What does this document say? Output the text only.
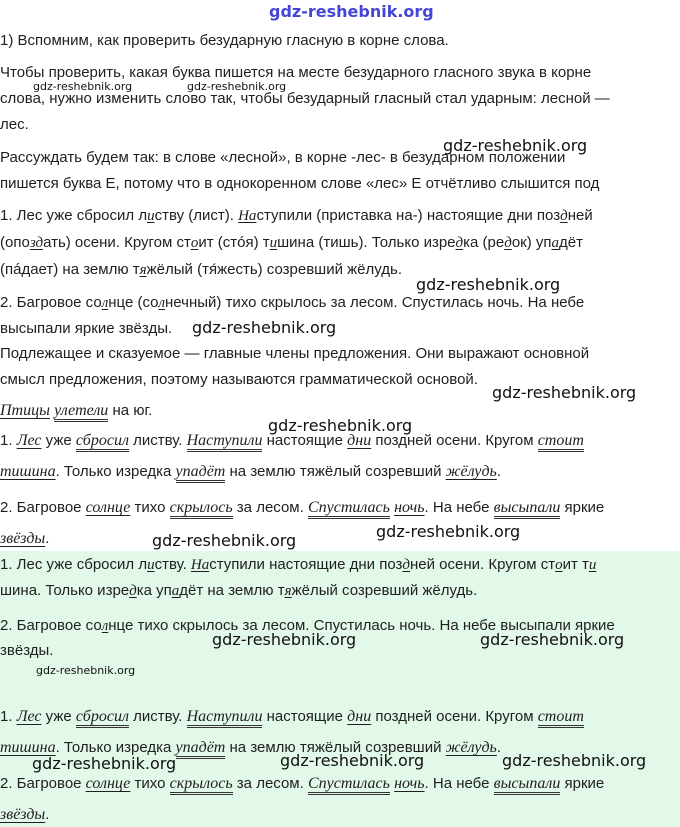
gdz-reshebnik.org
1) Вспомним, как проверить безударную гласную в корне слова.
Чтобы проверить, какая буква пишется на месте безударного гласного звука в корне
слова, нужно изменить слово так, чтобы безударный гласный стал ударным: лесной —
лес.
gdz-reshebnik.org	gdz-reshebnik.org
Рассуждать будем так: в слове «лесной», в корне -лес- в безударном положении
пишется буква Е, потому что в однокоренном слове «лес» Е отчётливо слышится под
gdz-reshebnik.org
1. Лес уже сбросил листву (лист). Наступили (приставка на-) настоящие дни поздней
(опоздать) осени. Кругом стоит (стóя) тишина (тишь). Только изредка (редок) упадёт
(пáдает) на землю тяжёлый (тя́жесть) созревший жёлудь.
gdz-reshebnik.org
2. Багровое солнце (солнечный) тихо скрылось за лесом. Спустилась ночь. На небе
высыпали яркие звёзды. gdz-reshebnik.org
Подлежащее и сказуемое — главные члены предложения. Они выражают основной
смысл предложения, поэтому называются грамматической основой.
gdz-reshebnik.org
Птицы улетели на юг.
gdz-reshebnik.org
1. Лес уже сбросил листву. Наступили настоящие дни поздней осени. Кругом стоит
тишина. Только изредка упадёт на землю тяжёлый созревший жёлудь.
2. Багровое солнце тихо скрылось за лесом. Спустилась ночь. На небе высыпали яркие
звёзды.	gdz-reshebnik.org
gdz-reshebnik.org
1. Лес уже сбросил листву. Наступили настоящие дни поздней осени. Кругом стоит ти
шина. Только изредка упадёт на землю тяжёлый созревший жёлудь.
2. Багровое солнце тихо скрылось за лесом. Спустилась ночь. На небе высыпали яркие
звёзды.
gdz-reshebnik.org	gdz-reshebnik.org
gdz-reshebnik.org
1. Лес уже сбросил листву. Наступили настоящие дни поздней осени. Кругом стоит
тишина. Только изредка упадёт на землю тяжёлый созревший жёлудь.
gdz-reshebnik.org	gdz-reshebnik.org	gdz-reshebnik.org
2. Багровое солнце тихо скрылось за лесом. Спустилась ночь. На небе высыпали яркие
звёзды.
